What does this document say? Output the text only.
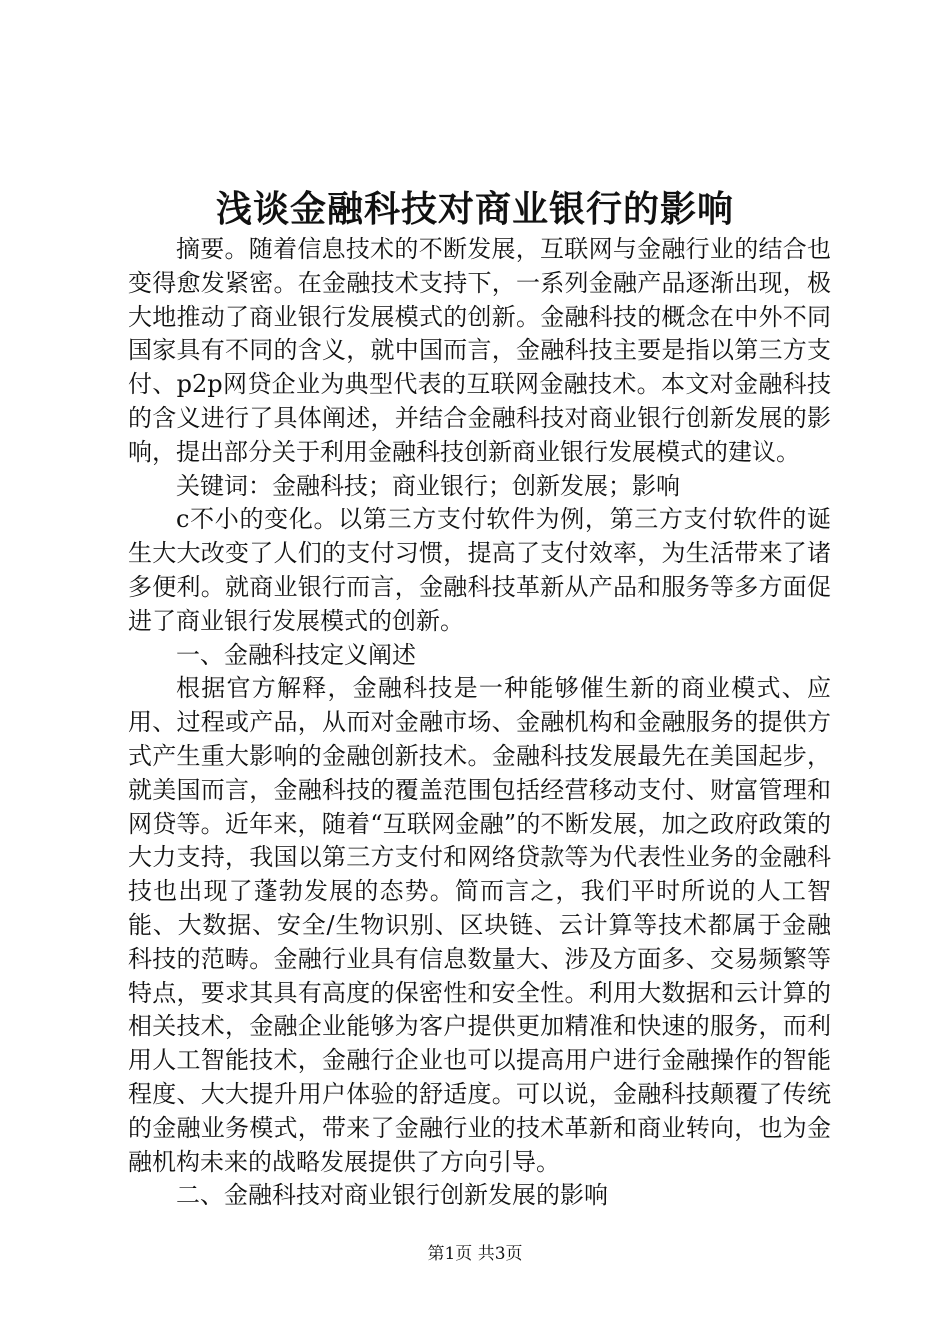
浅谈金融科技对商业银行的影响

摘要。随着信息技术的不断发展，互联网与金融行业的结合也变得愈发紧密。在金融技术支持下，一系列金融产品逐渐出现，极大地推动了商业银行发展模式的创新。金融科技的概念在中外不同国家具有不同的含义，就中国而言，金融科技主要是指以第三方支付、p2p网贷企业为典型代表的互联网金融技术。本文对金融科技的含义进行了具体阐述，并结合金融科技对商业银行创新发展的影响，提出部分关于利用金融科技创新商业银行发展模式的建议。

关键词：金融科技；商业银行；创新发展；影响

c不小的变化。以第三方支付软件为例，第三方支付软件的诞生大大改变了人们的支付习惯，提高了支付效率，为生活带来了诸多便利。就商业银行而言，金融科技革新从产品和服务等多方面促进了商业银行发展模式的创新。

一、金融科技定义阐述

根据官方解释，金融科技是一种能够催生新的商业模式、应用、过程或产品，从而对金融市场、金融机构和金融服务的提供方式产生重大影响的金融创新技术。金融科技发展最先在美国起步，就美国而言，金融科技的覆盖范围包括经营移动支付、财富管理和网贷等。近年来，随着“互联网金融”的不断发展，加之政府政策的大力支持，我国以第三方支付和网络贷款等为代表性业务的金融科技也出现了蓬勃发展的态势。简而言之，我们平时所说的人工智能、大数据、安全/生物识别、区块链、云计算等技术都属于金融科技的范畴。金融行业具有信息数量大、涉及方面多、交易频繁等特点，要求其具有高度的保密性和安全性。利用大数据和云计算的相关技术，金融企业能够为客户提供更加精准和快速的服务，而利用人工智能技术，金融行企业也可以提高用户进行金融操作的智能程度、大大提升用户体验的舒适度。可以说，金融科技颠覆了传统的金融业务模式，带来了金融行业的技术革新和商业转向，也为金融机构未来的战略发展提供了方向引导。

二、金融科技对商业银行创新发展的影响

第1页 共3页
